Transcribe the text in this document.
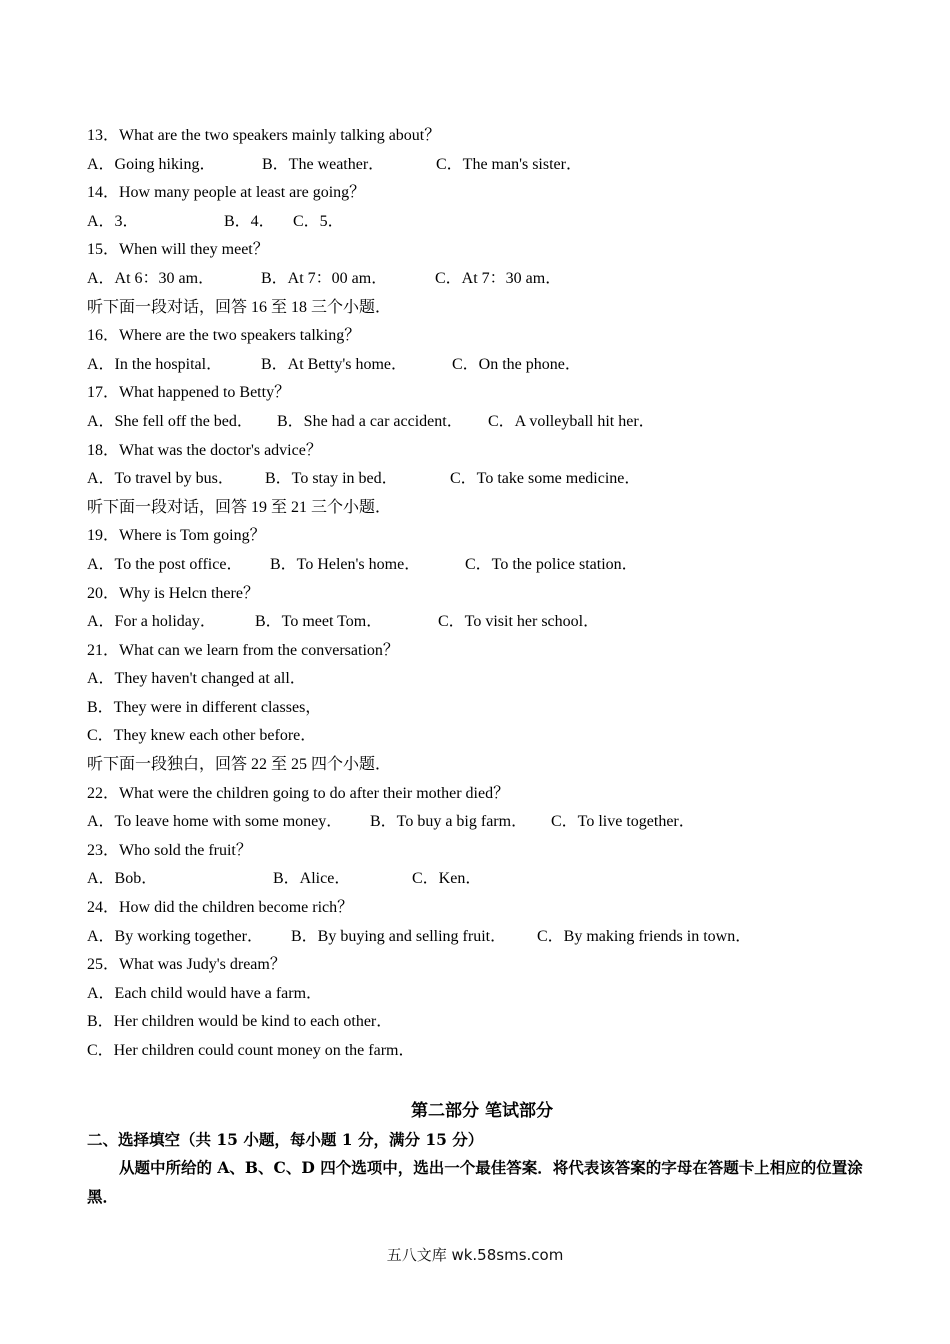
13．What are the two speakers mainly talking about？
A．Going hiking．	B．The weather．	C．The man's sister．
14．How many people at least are going？
A．3．	B．4． C．5．
15．When will they meet？
A．At 6：30 am．	B．At 7：00 am．	C．At 7：30 am．
听下面一段对话，回答 16 至 18 三个小题．
16．Where are the two speakers talking？
A．In the hospital． B．At Betty's home．	C．On the phone．
17．What happened to Betty？
A．She fell off the bed． B．She had a car accident． C．A volleyball hit her．
18．What was the doctor's advice？
A．To travel by bus． B．To stay in bed．	C．To take some medicine．
听下面一段对话，回答 19 至 21 三个小题．
19．Where is Tom going？
A．To the post office． B．To Helen's home．	C．To the police station．
20．Why is Helcn there？
A．For a holiday． B．To meet Tom．	C．To visit her school．
21．What can we learn from the conversation？
A．They haven't changed at all．
B．They were in different classes，
C．They knew each other before．
听下面一段独白，回答 22 至 25 四个小题．
22．What were the children going to do after their mother died？
A．To leave home with some money． B．To buy a big farm． C．To live together．
23．Who sold the fruit？
A．Bob．	B．Alice．	C．Ken．
24．How did the children become rich？
A．By working together． B．By buying and selling fruit． C．By making friends in town．
25．What was Judy's dream？
A．Each child would have a farm．
B．Her children would be kind to each other．
C．Her children could count money on the farm．
第二部分 笔试部分
二、选择填空（共 15 小题，每小题 1 分，满分 15 分）
从题中所给的 A、B、C、D 四个选项中，选出一个最佳答案．将代表该答案的字母在答题卡上相应的位置涂黑．
五八文库 wk.58sms.com
